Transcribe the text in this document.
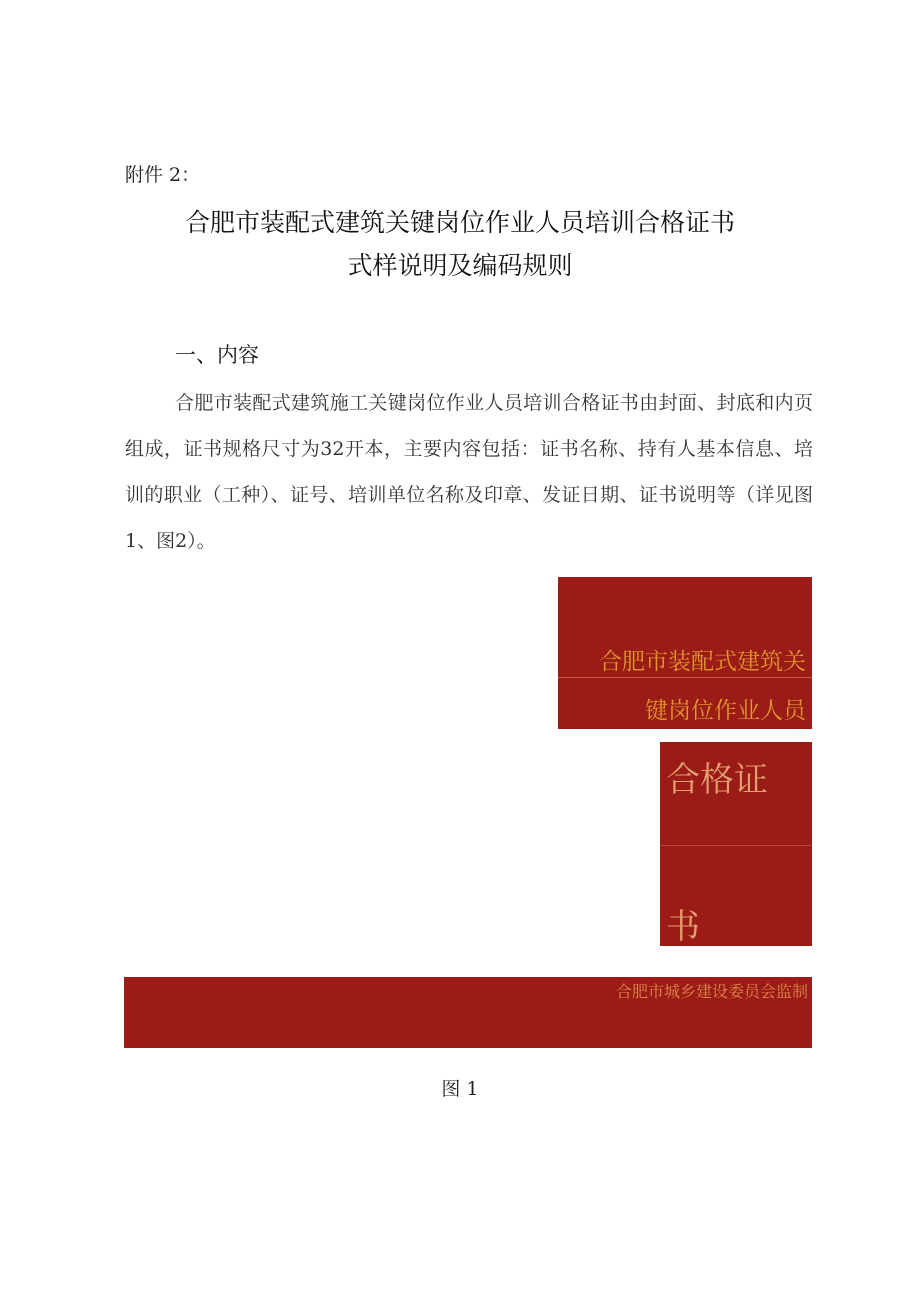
附件 2：
合肥市装配式建筑关键岗位作业人员培训合格证书
式样说明及编码规则
一、内容
合肥市装配式建筑施工关键岗位作业人员培训合格证书由封面、封底和内页组成，证书规格尺寸为32开本，主要内容包括：证书名称、持有人基本信息、培训的职业（工种）、证号、培训单位名称及印章、发证日期、证书说明等（详见图1、图2）。
合肥市装配式建筑关
键岗位作业人员
合格证
书
合肥市城乡建设委员会监制
图 1
